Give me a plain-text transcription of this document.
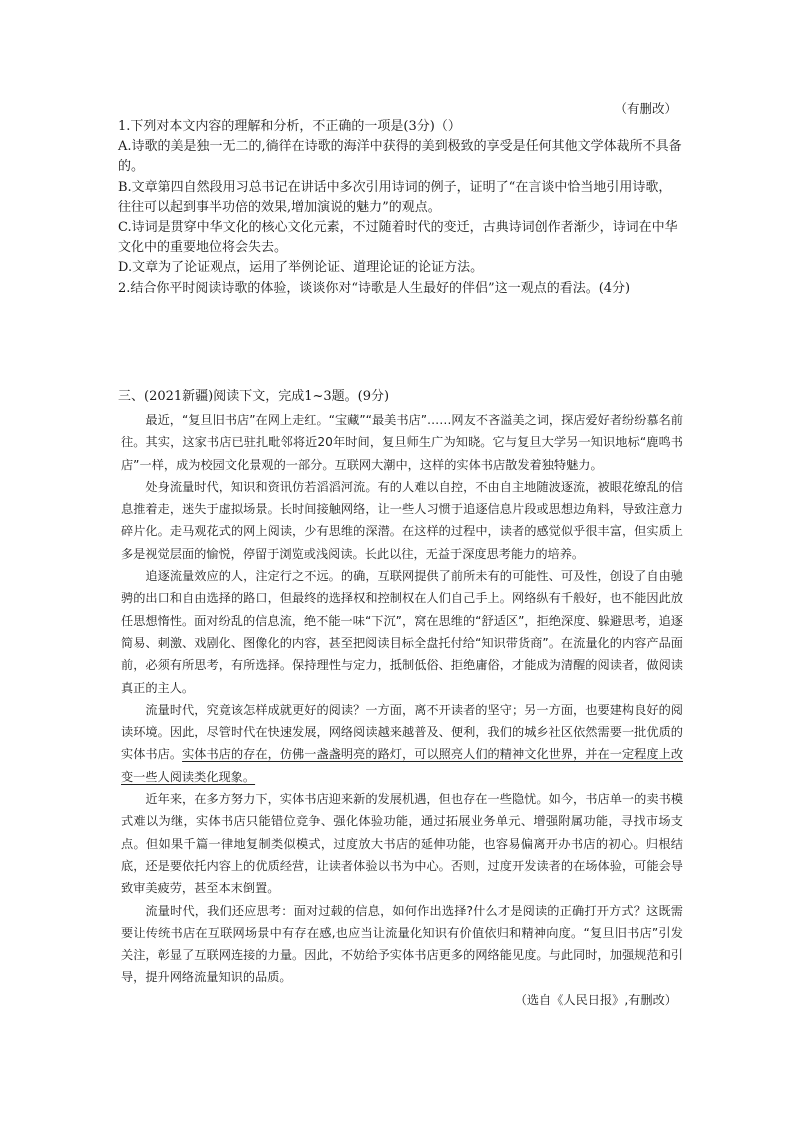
（有删改）

1.下列对本文内容的理解和分析，不正确的一项是(3分)（）

A.诗歌的美是独一无二的,徜徉在诗歌的海洋中获得的美到极致的享受是任何其他文学体裁所不具备的。

B.文章第四自然段用习总书记在讲话中多次引用诗词的例子，证明了“在言谈中恰当地引用诗歌，往往可以起到事半功倍的效果,增加演说的魅力”的观点。

C.诗词是贯穿中华文化的核心文化元素，不过随着时代的变迁，古典诗词创作者渐少，诗词在中华文化中的重要地位将会失去。

D.文章为了论证观点，运用了举例论证、道理论证的论证方法。

2.结合你平时阅读诗歌的体验，谈谈你对“诗歌是人生最好的伴侣”这一观点的看法。(4分)

三、(2021新疆)阅读下文，完成1~3题。(9分)

最近，“复旦旧书店”在网上走红。“宝藏”“最美书店”……网友不吝溢美之词，探店爱好者纷纷慕名前往。其实，这家书店已驻扎毗邻将近20年时间，复旦师生广为知晓。它与复旦大学另一知识地标“鹿鸣书店”一样，成为校园文化景观的一部分。互联网大潮中，这样的实体书店散发着独特魅力。

处身流量时代，知识和资讯仿若滔滔河流。有的人难以自控，不由自主地随波逐流，被眼花缭乱的信息推着走，迷失于虚拟场景。长时间接触网络，让一些人习惯于追逐信息片段或思想边角料，导致注意力碎片化。走马观花式的网上阅读，少有思维的深潜。在这样的过程中，读者的感觉似乎很丰富，但实质上多是视觉层面的愉悦，停留于浏览或浅阅读。长此以往，无益于深度思考能力的培养。

追逐流量效应的人，注定行之不远。的确，互联网提供了前所未有的可能性、可及性，创设了自由驰骋的出口和自由选择的路口，但最终的选择权和控制权在人们自己手上。网络纵有千般好，也不能因此放任思想惰性。面对纷乱的信息流，绝不能一味“下沉”，窝在思维的“舒适区”，拒绝深度、躲避思考，追逐简易、刺激、戏剧化、图像化的内容，甚至把阅读目标全盘托付给“知识带货商”。在流量化的内容产品面前，必须有所思考，有所选择。保持理性与定力，抵制低俗、拒绝庸俗，才能成为清醒的阅读者，做阅读真正的主人。

流量时代，究竟该怎样成就更好的阅读？一方面，离不开读者的坚守；另一方面，也要建构良好的阅读环境。因此，尽管时代在快速发展，网络阅读越来越普及、便利，我们的城乡社区依然需要一批优质的实体书店。实体书店的存在，仿佛一盏盏明亮的路灯，可以照亮人们的精神文化世界，并在一定程度上改变一些人阅读类化现象。

近年来，在多方努力下，实体书店迎来新的发展机遇，但也存在一些隐忧。如今，书店单一的卖书模式难以为继，实体书店只能错位竞争、强化体验功能，通过拓展业务单元、增强附属功能，寻找市场支点。但如果千篇一律地复制类似模式，过度放大书店的延伸功能，也容易偏离开办书店的初心。归根结底，还是要依托内容上的优质经营，让读者体验以书为中心。否则，过度开发读者的在场体验，可能会导致审美疲劳，甚至本末倒置。

流量时代，我们还应思考：面对过载的信息，如何作出选择?什么才是阅读的正确打开方式？这既需要让传统书店在互联网场景中有存在感,也应当让流量化知识有价值依归和精神向度。“复旦旧书店”引发关注，彰显了互联网连接的力量。因此，不妨给予实体书店更多的网络能见度。与此同时，加强规范和引导，提升网络流量知识的品质。

（选自《人民日报》,有删改）
